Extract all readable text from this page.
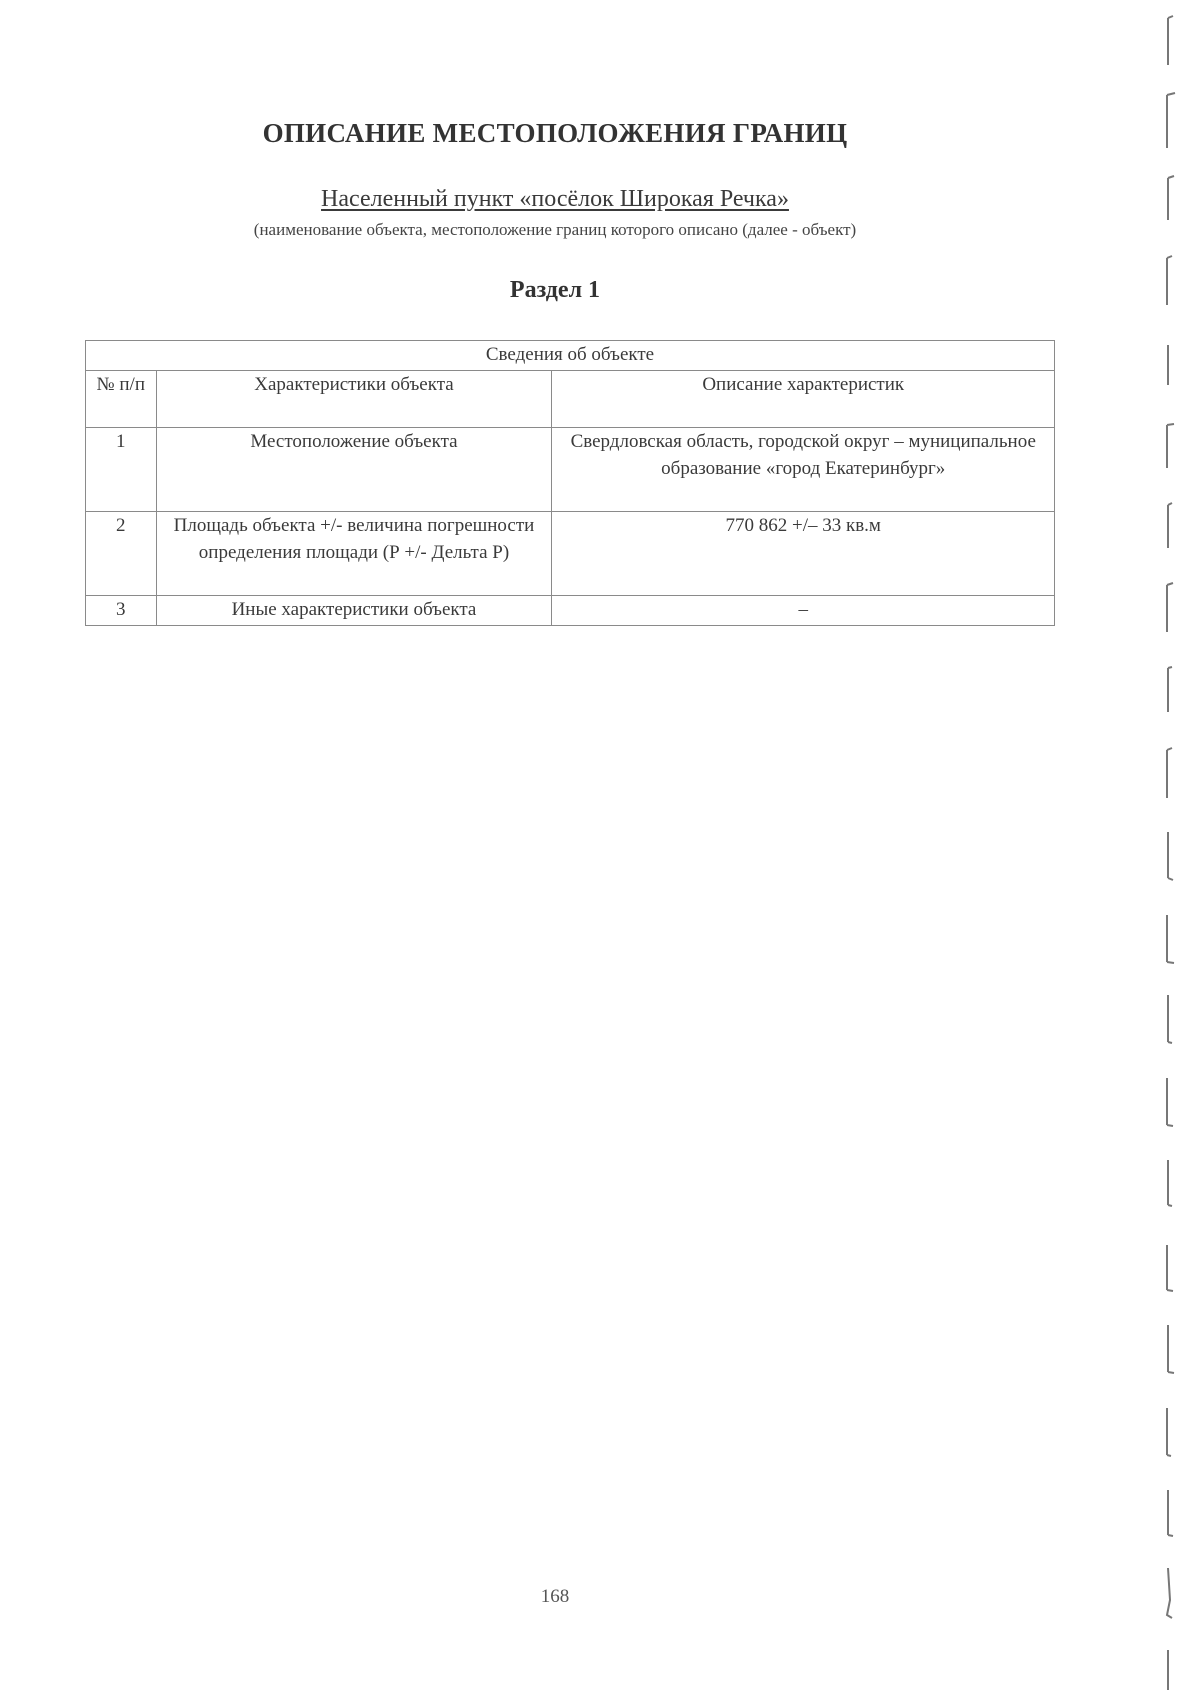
ОПИСАНИЕ МЕСТОПОЛОЖЕНИЯ ГРАНИЦ
Населенный пункт «посёлок Широкая Речка»
(наименование объекта, местоположение границ которого описано (далее - объект)
Раздел 1
Сведения об объекте		
№ п/п	Характеристики объекта	Описание характеристик
1	Местоположение объекта	Свердловская область, городской округ – муниципальное образование «город Екатеринбург»
2	Площадь объекта +/- величина погрешности определения площади (Р +/- Дельта Р)	770 862 +/– 33 кв.м
3	Иные характеристики объекта	–
168
